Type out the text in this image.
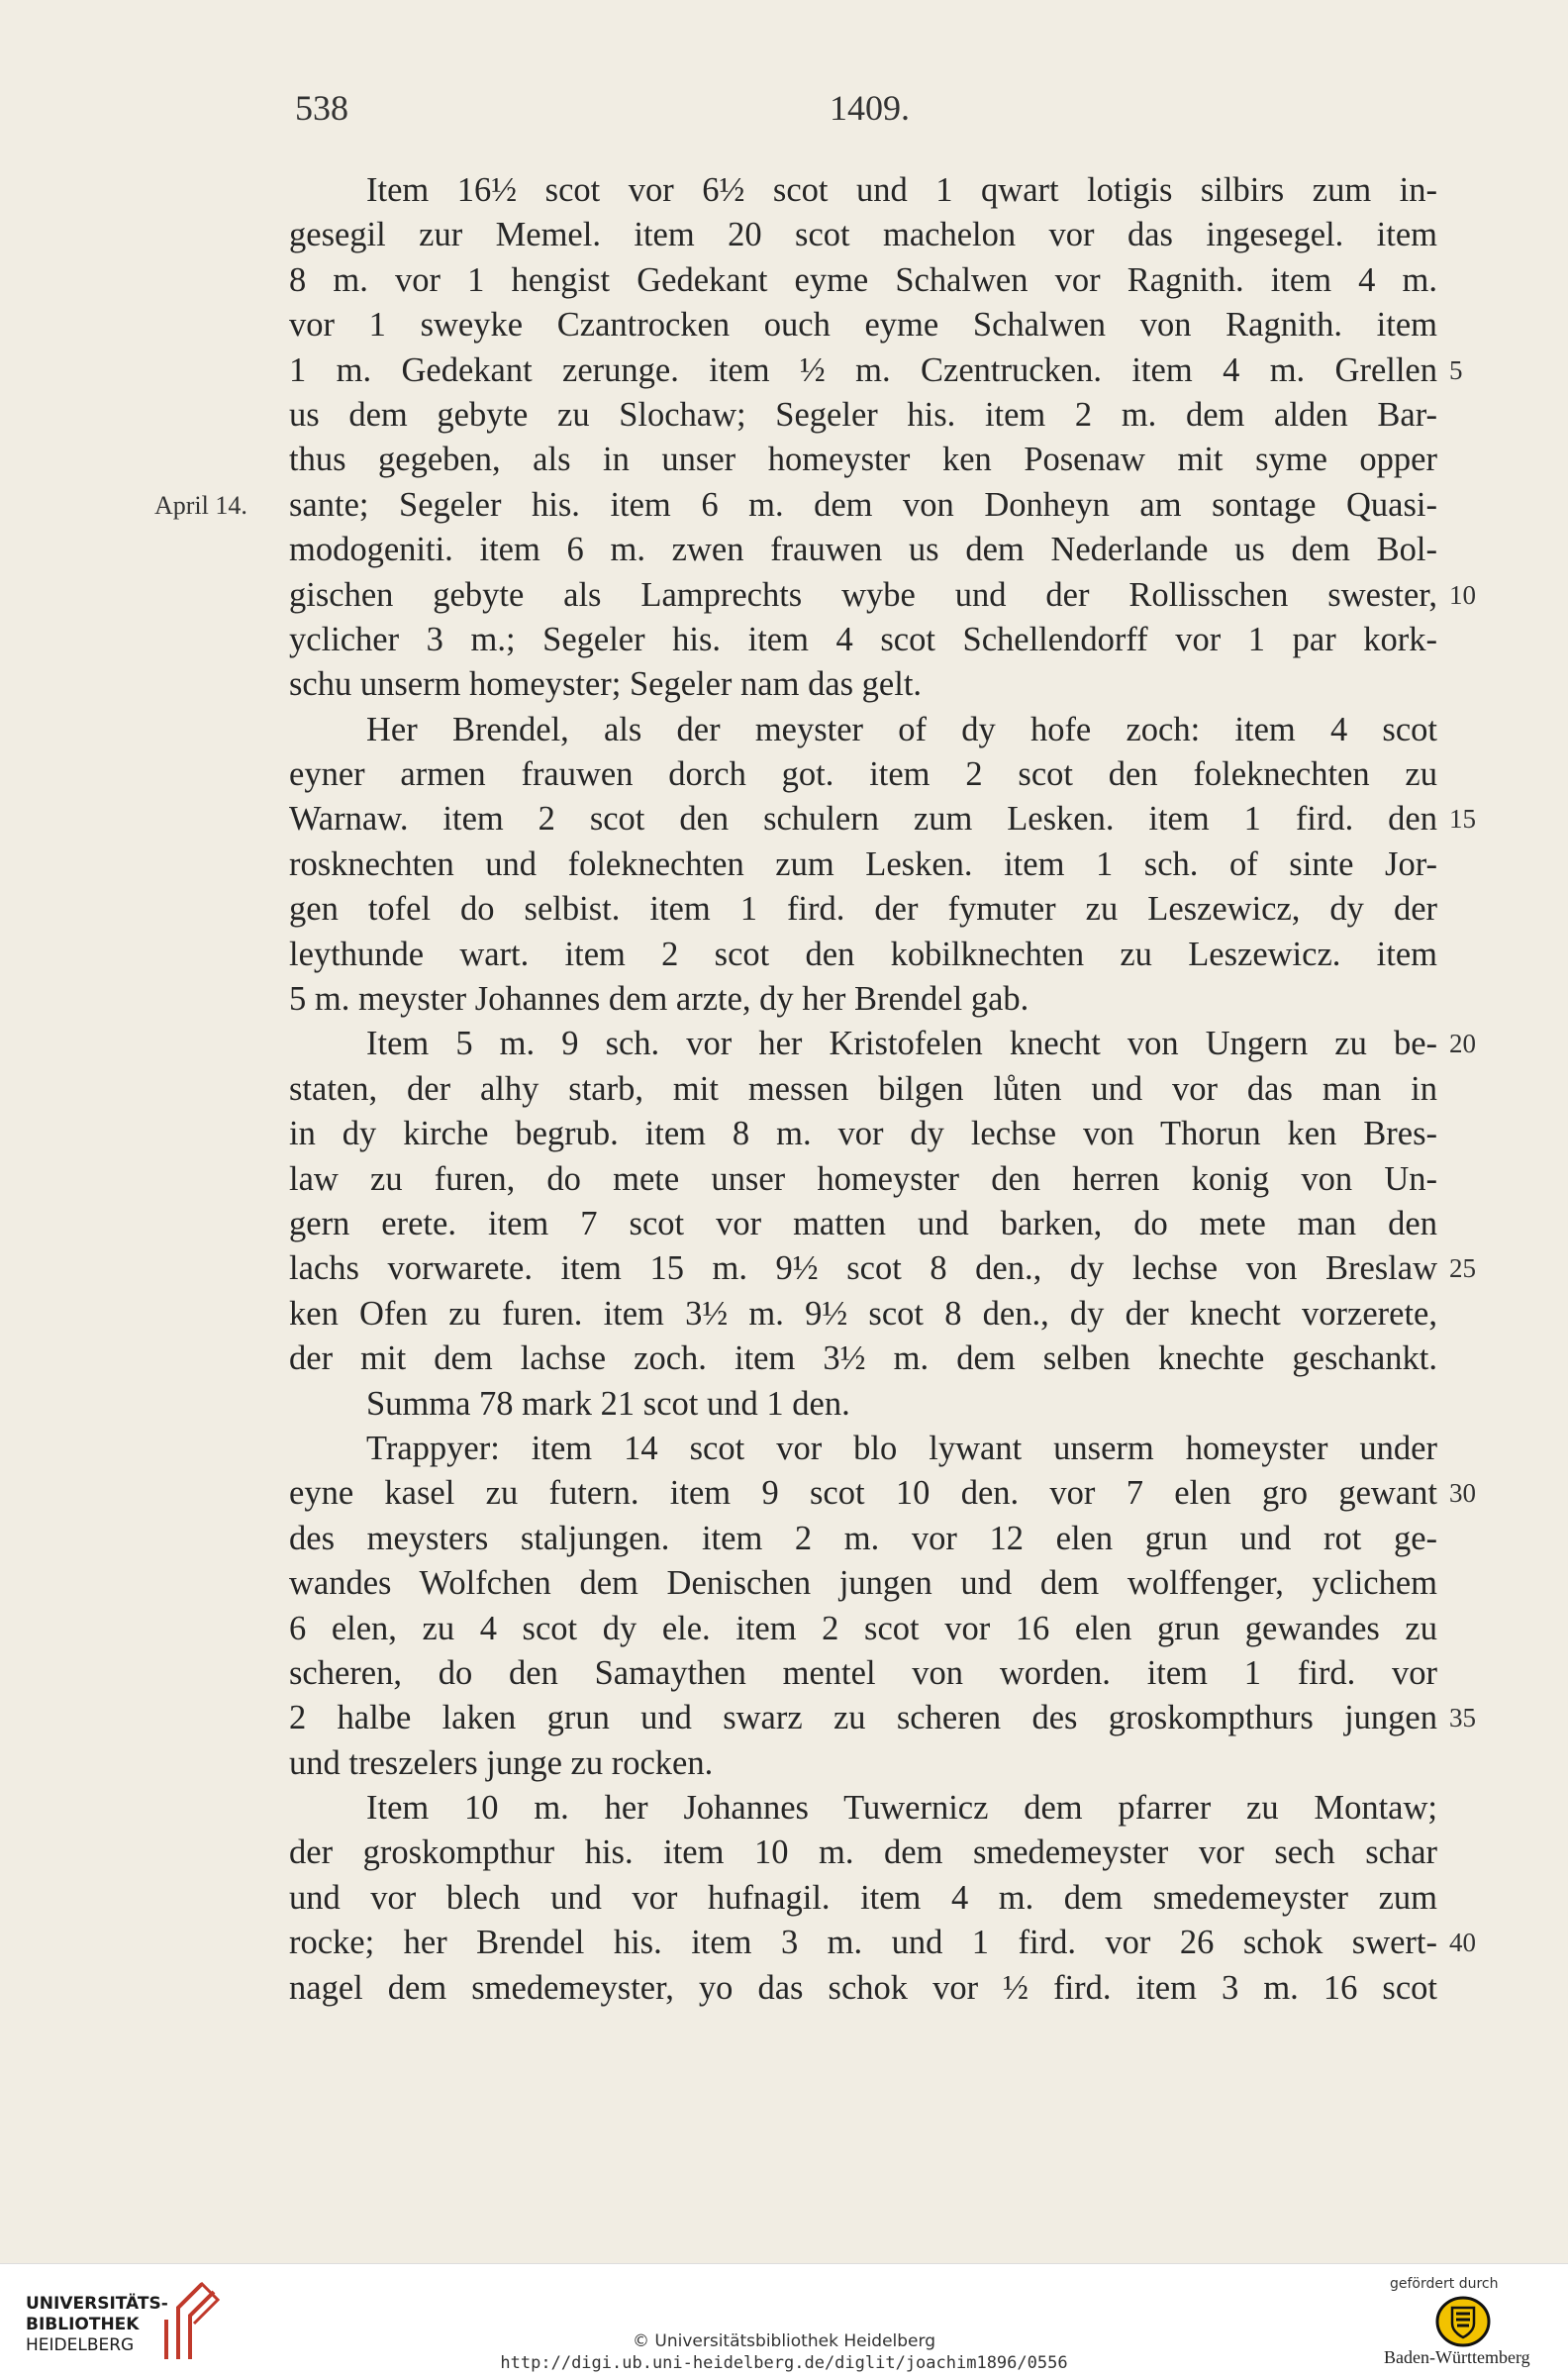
538	1409.
Item 16½ scot vor 6½ scot und 1 qwart lotigis silbirs zum in-
gesegil zur Memel. item 20 scot machelon vor das ingesegel. item
8 m. vor 1 hengist Gedekant eyme Schalwen vor Ragnith. item 4 m.
vor 1 sweyke Czantrocken ouch eyme Schalwen von Ragnith. item
1 m. Gedekant zerunge. item ½ m. Czentrucken. item 4 m. Grellen 5
us dem gebyte zu Slochaw; Segeler his. item 2 m. dem alden Bar-
thus gegeben, als in unser homeyster ken Posenaw mit syme opper
April 14. sante; Segeler his. item 6 m. dem von Donheyn am sontage Quasi-
modogeniti. item 6 m. zwen frauwen us dem Nederlande us dem Bol-
gischen gebyte als Lamprechts wybe und der Rollisschen swester, 10
yclicher 3 m.; Segeler his. item 4 scot Schellendorff vor 1 par kork-
schu unserm homeyster; Segeler nam das gelt.
Her Brendel, als der meyster of dy hofe zoch: item 4 scot
eyner armen frauwen dorch got. item 2 scot den foleknechten zu
Warnaw. item 2 scot den schulern zum Lesken. item 1 fird. den 15
rosknechten und foleknechten zum Lesken. item 1 sch. of sinte Jor-
gen tofel do selbist. item 1 fird. der fymuter zu Leszewicz, dy der
leythunde wart. item 2 scot den kobilknechten zu Leszewicz. item
5 m. meyster Johannes dem arzte, dy her Brendel gab.
Item 5 m. 9 sch. vor her Kristofelen knecht von Ungern zu be- 20
staten, der alhy starb, mit messen bilgen lůten und vor das man in
in dy kirche begrub. item 8 m. vor dy lechse von Thorun ken Bres-
law zu furen, do mete unser homeyster den herren konig von Un-
gern erete. item 7 scot vor matten und barken, do mete man den
lachs vorwarete. item 15 m. 9½ scot 8 den., dy lechse von Breslaw 25
ken Ofen zu furen. item 3½ m. 9½ scot 8 den., dy der knecht vorzerete,
der mit dem lachse zoch. item 3½ m. dem selben knechte geschankt.
Summa 78 mark 21 scot und 1 den.
Trappyer: item 14 scot vor blo lywant unserm homeyster under
eyne kasel zu futern. item 9 scot 10 den. vor 7 elen gro gewant 30
des meysters staljungen. item 2 m. vor 12 elen grun und rot ge-
wandes Wolfchen dem Denischen jungen und dem wolffenger, yclichem
6 elen, zu 4 scot dy ele. item 2 scot vor 16 elen grun gewandes zu
scheren, do den Samaythen mentel von worden. item 1 fird. vor
2 halbe laken grun und swarz zu scheren des groskompthurs jungen 35
und treszelers junge zu rocken.
Item 10 m. her Johannes Tuwernicz dem pfarrer zu Montaw;
der groskompthur his. item 10 m. dem smedemeyster vor sech schar
und vor blech und vor hufnagil. item 4 m. dem smedemeyster zum
rocke; her Brendel his. item 3 m. und 1 fird. vor 26 schok swert- 40
nagel dem smedemeyster, yo das schok vor ½ fird. item 3 m. 16 scot
UNIVERSITÄTS-
BIBLIOTHEK
HEIDELBERG	© Universitätsbibliothek Heidelberg
http://digi.ub.uni-heidelberg.de/diglit/joachim1896/0556
gefördert durch
Baden-Württemberg
